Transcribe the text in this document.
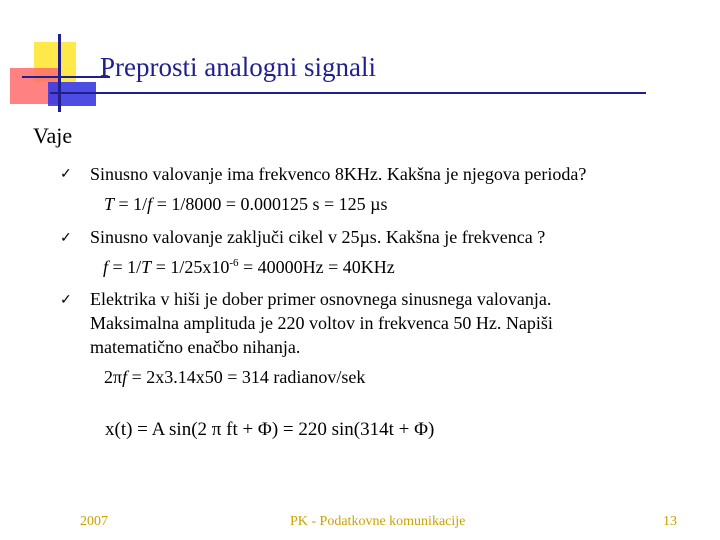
Preprosti analogni signali
Vaje
✓ Sinusno valovanje ima frekvenco 8KHz. Kakšna je njegova perioda?
T = 1/f = 1/8000 = 0.000125 s = 125 µs
✓ Sinusno valovanje zaključi cikel v 25µs. Kakšna je frekvenca ?
$f = 1/T = 1/25x10^{-6} = 40000Hz = 40KHz$
✓ Elektrika v hiši je dober primer osnovnega sinusnega valovanja. Maksimalna amplituda je 220 voltov in frekvenca 50 Hz. Napiši matematično enačbo nihanja.
2πf = 2x3.14x50 = 314 radianov/sek
x(t) = A sin(2 π ft + Φ) = 220 sin(314t + Φ)
2007	PK - Podatkovne komunikacije	13
